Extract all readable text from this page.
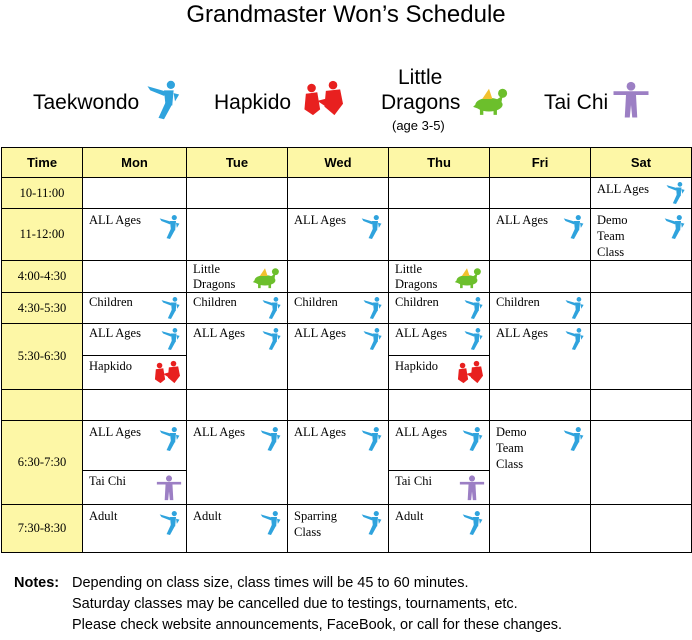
Grandmaster Won’s Schedule
Taekwondo	Hapkido
Little
Dragons
(age 3-5)
Tai Chi
Time	Mon	Tue	Wed	Thu	Fri	Sat
10-11:00						ALL Ages

11-12:00	ALL Ages		ALL Ages		ALL Ages	Demo Team Class

4:00-4:30		Little Dragons		Little Dragons		

4:30-5:30	Children	Children	Children	Children	Children	

5:30-6:30	ALL Ages	ALL Ages	ALL Ages	ALL Ages	ALL Ages	

	Hapkido			Hapkido		

6:30-7:30	ALL Ages	ALL Ages	ALL Ages	ALL Ages	Demo Team Class	

	Tai Chi			Tai Chi		

7:30-8:30	Adult	Adult	Sparring Class	Adult		

Notes: Depending on class size, class times will be 45 to 60 minutes.
Saturday classes may be cancelled due to testings, tournaments, etc.
Please check website announcements, FaceBook, or call for these changes.
